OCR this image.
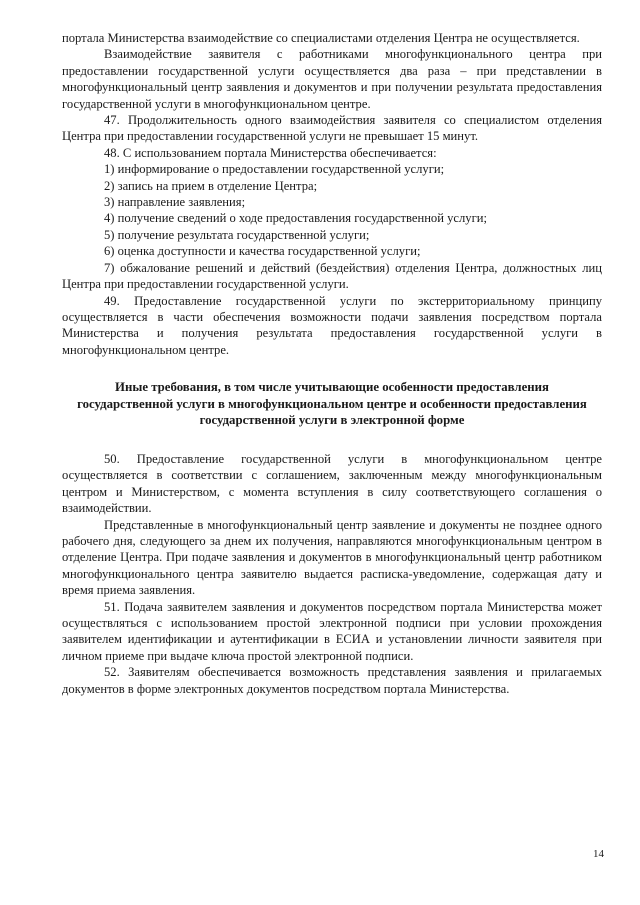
портала Министерства взаимодействие со специалистами отделения Центра не осуществляется.

Взаимодействие заявителя с работниками многофункционального центра при предоставлении государственной услуги осуществляется два раза – при представлении в многофункциональный центр заявления и документов и при получении результата предоставления государственной услуги в многофункциональном центре.

47. Продолжительность одного взаимодействия заявителя со специалистом отделения Центра при предоставлении государственной услуги не превышает 15 минут.

48. С использованием портала Министерства обеспечивается:

1) информирование о предоставлении государственной услуги;

2) запись на прием в отделение Центра;

3) направление заявления;

4) получение сведений о ходе предоставления государственной услуги;

5) получение результата государственной услуги;

6) оценка доступности и качества государственной услуги;

7) обжалование решений и действий (бездействия) отделения Центра, должностных лиц Центра при предоставлении государственной услуги.

49. Предоставление государственной услуги по экстерриториальному принципу осуществляется в части обеспечения возможности подачи заявления посредством портала Министерства и получения результата предоставления государственной услуги в многофункциональном центре.

Иные требования, в том числе учитывающие особенности предоставления государственной услуги в многофункциональном центре и особенности предоставления государственной услуги в электронной форме

50. Предоставление государственной услуги в многофункциональном центре осуществляется в соответствии с соглашением, заключенным между многофункциональным центром и Министерством, с момента вступления в силу соответствующего соглашения о взаимодействии.

Представленные в многофункциональный центр заявление и документы не позднее одного рабочего дня, следующего за днем их получения, направляются многофункциональным центром в отделение Центра. При подаче заявления и документов в многофункциональный центр работником многофункционального центра заявителю выдается расписка-уведомление, содержащая дату и время приема заявления.

51. Подача заявителем заявления и документов посредством портала Министерства может осуществляться с использованием простой электронной подписи при условии прохождения заявителем идентификации и аутентификации в ЕСИА и установлении личности заявителя при личном приеме при выдаче ключа простой электронной подписи.

52. Заявителям обеспечивается возможность представления заявления и прилагаемых документов в форме электронных документов посредством портала Министерства.

14
